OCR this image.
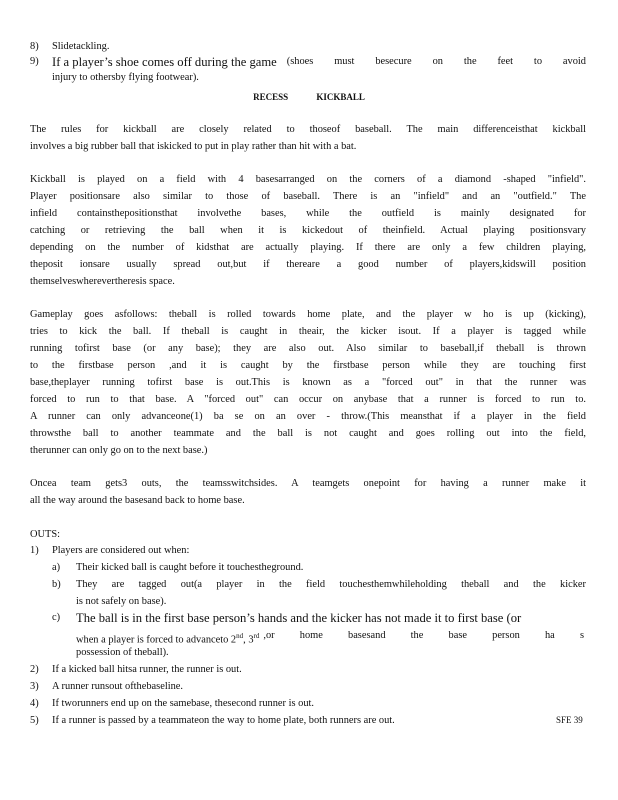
8)	Slidetackling.
9)	If a player’s shoe comes off during the game (shoes must besecure on the feet to avoid

injury to othersby flying footwear).

RECESS KICKBALL

The rules for kickball are closely related to thoseof baseball. The main differenceisthat kickball

involves a big rubber ball that iskicked to put in play rather than hit with a bat.

Kickball is played on a field with 4 basesarranged on the corners of a diamond -shaped "infield".

Player positionsare also similar to those of baseball. There is an "infield" and an "outfield." The

infield containsthepositionsthat involvethe bases, while the outfield is mainly designated for

catching or retrieving the ball when it is kickedout of theinfield. Actual playing positionsvary

depending on the number of kidsthat are actually playing. If there are only a few children playing,

theposit ionsare usually spread out,but if thereare a good number of players,kidswill position

themselveswherevertheresis space.

Gameplay goes asfollows: theball is rolled towards home plate, and the player w ho is up (kicking),

tries to kick the ball. If theball is caught in theair, the kicker isout. If a player is tagged while

running tofirst base (or any base); they are also out. Also similar to baseball,if theball is thrown

to the firstbase person ,and it is caught by the firstbase person while they are touching first

base,theplayer running tofirst base is out.This is known as a "forced out" in that the runner was

forced to run to that base. A "forced out" can occur on anybase that a runner is forced to run to.

A runner can only advanceone(1) ba se on an over - throw.(This meansthat if a player in the field

throwsthe ball to another teammate and the ball is not caught and goes rolling out into the field,

therunner can only go on to the next base.)

Oncea team gets3 outs, the teamsswitchsides. A teamgets onepoint for having a runner make it

all the way around the basesand back to home base.

OUTS:

1)	Players are considered out when:
a)	Their kicked ball is caught before it touchestheground.
b)	They are tagged out(a player in the field touchesthemwhileholding theball and the kicker

is not safely on base).

c)	The ball is in the first base person’s hands and the kicker has not made it to first base (or
when a player is forced to advanceto 2nd, 3rd ,or home basesand the base person ha s

possession of theball).

2)	If a kicked ball hitsa runner, the runner is out.
3)	A runner runsout ofthebaseline.
4)	If tworunners end up on the samebase, thesecond runner is out.
5)	If a runner is passed by a teammateon the way to home plate, both runners are out.	SFE 39
